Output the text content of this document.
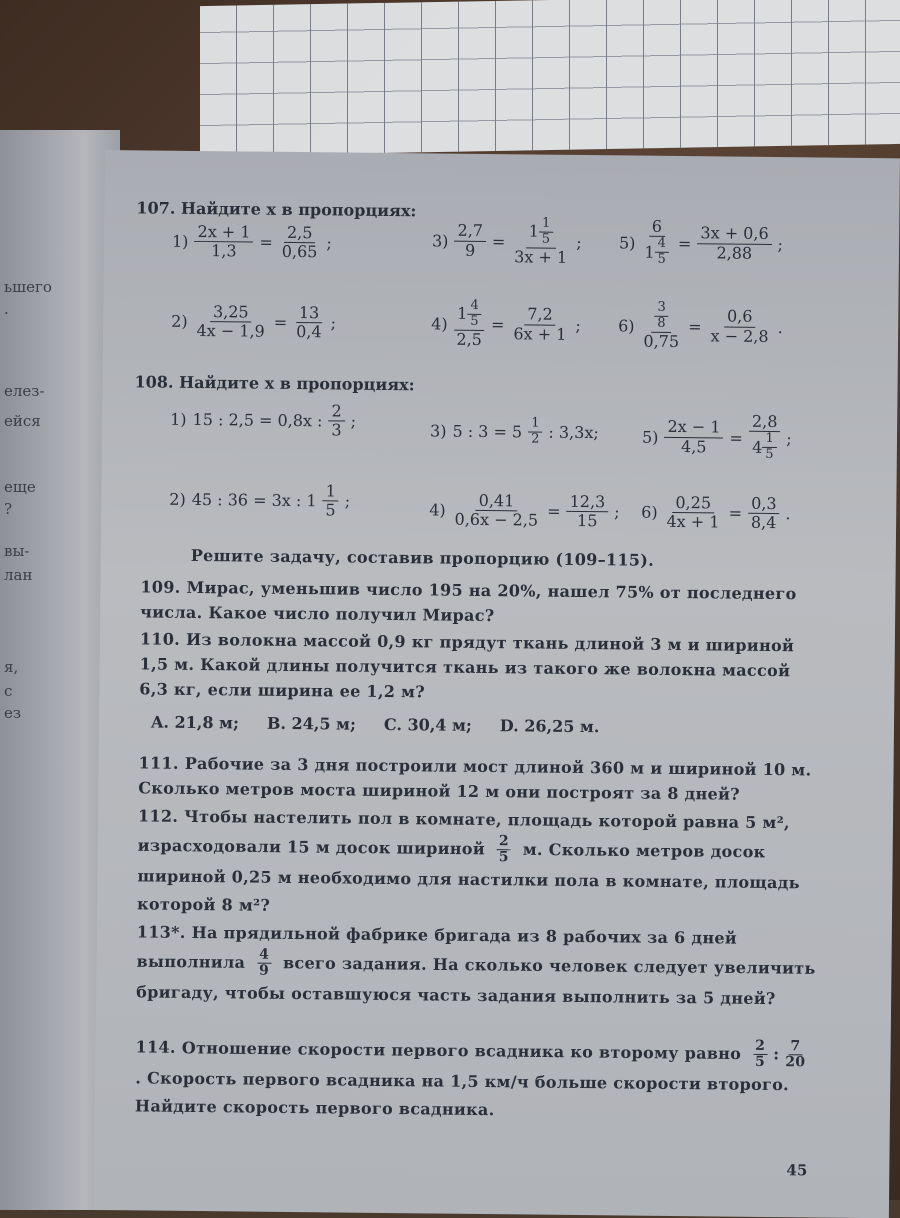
ьшего
.
елез-
ейся
еще
?
вы-
лан
я,
с
ез
107. Найдите x в пропорциях:
$1) \frac{2x + 1}{1,3} = \frac{2,5}{0,65}$ ;
$2) \frac{3,25}{4x - 1,9} = \frac{13}{0,4}$ ;
$3) \frac{2,7}{9} = \frac{1 \frac{1}{5}}{3x + 1}$ ;
$4) \frac{1 \frac{4}{5}}{2,5} = \frac{7,2}{6x + 1}$ ;
$5) \frac{6}{1 \frac{4}{5}} = \frac{3x + 0,6}{2,88}$ ;
$6) \frac{\frac{3}{8}}{0,75} = \frac{0,6}{x - 2,8}$ .
108. Найдите x в пропорциях:
1) 15 : 2,5 = 0,8x : $\frac{2}{3}$ ;
2) 45 : 36 = 3x : $1 \frac{1}{5}$ ;
3) 5 : $3 = 5 \frac{1}{2}$ : 3,3x;
$4) \frac{0,41}{0,6x - 2,5} = \frac{12,3}{15}$ ;
$5) \frac{2x - 1}{4,5} = \frac{2,8}{4 \frac{1}{5}}$ ;
$6) \frac{0,25}{4x + 1} = \frac{0,3}{8,4}$ .
Решите задачу, составив пропорцию (109–115).
109. Мирас, уменьшив число 195 на 20%, нашел 75% от последнего числа. Какое число получил Мирас?
110. Из волокна массой 0,9 кг прядут ткань длиной 3 м и шириной 1,5 м. Какой длины получится ткань из такого же волокна массой 6,3 кг, если ширина ее 1,2 м?
A. 21,8 м; B. 24,5 м; C. 30,4 м; D. 26,25 м.
111. Рабочие за 3 дня построили мост длиной 360 м и шириной 10 м. Сколько метров моста шириной 12 м они построят за 8 дней?
112. Чтобы настелить пол в комнате, площадь которой равна 5 м², израсходовали 15 м досок шириной $\frac{2}{5} м$. Сколько метров досок шириной 0,25 м необходимо для настилки пола в комнате, площадь которой 8 м²?
113*. На прядильной фабрике бригада из 8 рабочих за 6 дней выполнила $\frac{4}{9}$ всего задания. На сколько человек следует увеличить бригаду, чтобы оставшуюся часть задания выполнить за 5 дней?
114. Отношение скорости первого всадника ко второму равно $\frac{2}{5}$ : $\frac{7}{20}$
. Скорость первого всадника на 1,5 км/ч больше скорости второго. Найдите скорость первого всадника.
45
